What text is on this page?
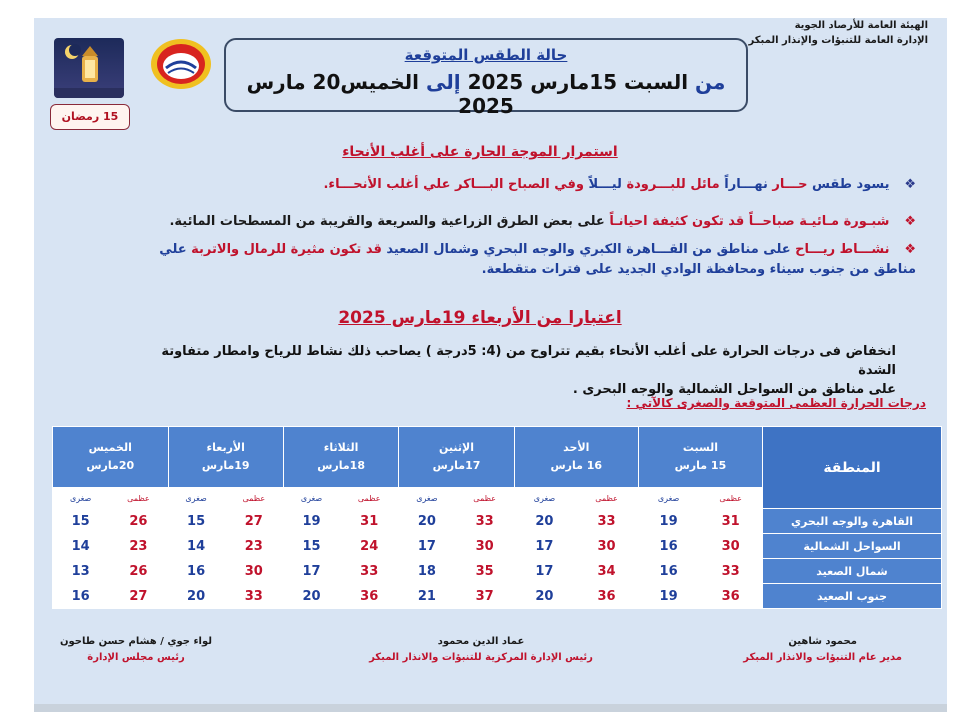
الهيئة العامة للأرصاد الجوية
الإدارة العامة للتنبؤات والإنذار المبكر
15 رمضان
حالة الطقس المتوقعة
من السبت 15مارس 2025 إلى الخميس20 مارس 2025
استمرار الموجة الحارة على أغلب الأنحاء
❖ يسود طقس حـــار نهـــاراً مائل للبـــرودة ليـــلاً وفي الصباح البـــاكر علي أغلب الأنحـــاء.
❖ شبـورة مـائيـة صباحــاً قد تكون كثيفة احيانـاً على بعض الطرق الزراعية والسريعة والقريبة من المسطحات المائية.
❖ نشـــاط ريـــاح على مناطق من القـــاهرة الكبري والوجه البحري وشمال الصعيد قد تكون مثيرة للرمال والاتربة علي مناطق من جنوب سيناء ومحافظة الوادي الجديد على فترات متقطعة.
اعتبارا من الأربعاء 19مارس 2025
انخفاض فى درجات الحرارة على أغلب الأنحاء بقيم تتراوح من (4: 5درجة ) يصاحب ذلك نشاط للرياح وامطار متفاوتة الشدة
على مناطق من السواحل الشمالية والوجه البحرى .
درجات الحرارة العظمى المتوقعة والصغرى كالآتي :
المنطقة	السبت
15 مارس		الأحد
16 مارس		الإثنين
17مارس		الثلاثاء
18مارس		الأربعاء
19مارس		الخميس
20مارس	
	عظمى	صغرى	عظمى	صغرى	عظمى	صغرى	عظمى	صغرى	عظمى	صغرى	عظمى	صغرى
القاهرة والوجه البحري	31	19	33	20	33	20	31	19	27	15	26	15
السواحل الشمالية	30	16	30	17	30	17	24	15	23	14	23	14
شمال الصعيد	33	16	34	17	35	18	33	17	30	16	26	13
جنوب الصعيد	36	19	36	20	37	21	36	20	33	20	27	16
محمود شاهين
مدير عام التنبؤات والانذار المبكر
عماد الدين محمود
رئيس الإدارة المركزية للتنبؤات والانذار المبكر
لواء جوي / هشام حسن طاحون
رئيس مجلس الإدارة
